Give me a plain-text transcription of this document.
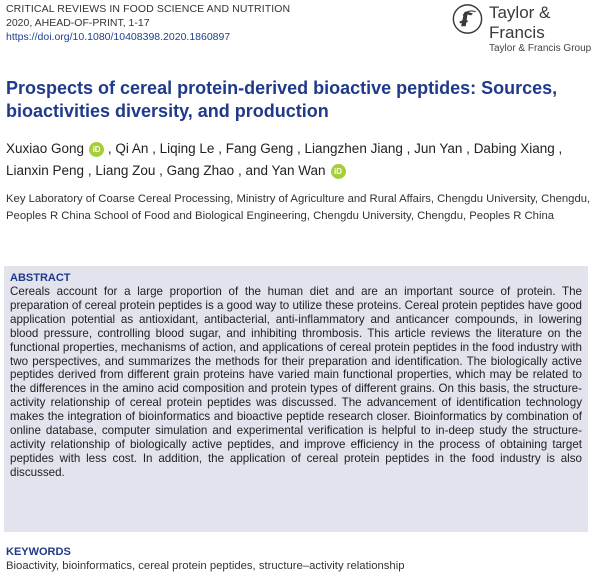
CRITICAL REVIEWS IN FOOD SCIENCE AND NUTRITION
2020, AHEAD-OF-PRINT, 1-17
https://doi.org/10.1080/10408398.2020.1860897
Taylor & Francis
Taylor & Francis Group
Prospects of cereal protein-derived bioactive peptides: Sources, bioactivities diversity, and production
Xuxiao Gong iD , Qi An , Liqing Le , Fang Geng , Liangzhen Jiang , Jun Yan , Dabing Xiang , Lianxin Peng , Liang Zou , Gang Zhao , and Yan Wan iD
Key Laboratory of Coarse Cereal Processing, Ministry of Agriculture and Rural Affairs, Chengdu University, Chengdu, Peoples R China School of Food and Biological Engineering, Chengdu University, Chengdu, Peoples R China
ABSTRACT

Cereals account for a large proportion of the human diet and are an important source of protein. The preparation of cereal protein peptides is a good way to utilize these proteins. Cereal protein peptides have good application potential as antioxidant, antibacterial, anti-inflammatory and anticancer compounds, in lowering blood pressure, controlling blood sugar, and inhibiting thrombosis. This article reviews the literature on the functional properties, mechanisms of action, and applications of cereal protein peptides in the food industry with two perspectives, and summarizes the methods for their preparation and identification. The biologically active peptides derived from different grain proteins have varied main functional properties, which may be related to the differences in the amino acid composition and protein types of different grains. On this basis, the structure-activity relationship of cereal protein peptides was discussed. The advancement of identification technology makes the integration of bioinformatics and bioactive peptide research closer. Bioinformatics by combination of online database, computer simulation and experimental verification is helpful to in-deep study the structure-activity relationship of biologically active peptides, and improve efficiency in the process of obtaining target peptides with less cost. In addition, the application of cereal protein peptides in the food industry is also discussed.

KEYWORDS
Bioactivity, bioinformatics, cereal protein peptides, structure–activity relationship
